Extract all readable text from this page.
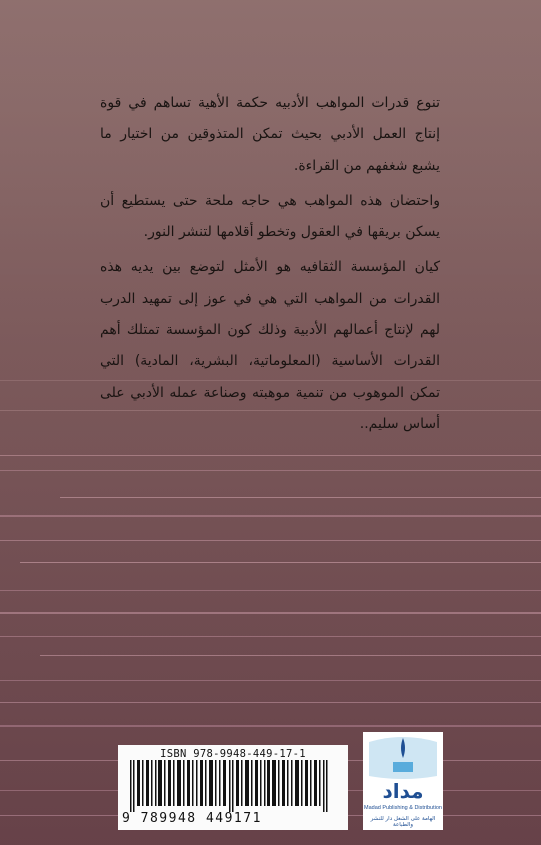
تنوع قدرات المواهب الأدبيه حكمة الأهية تساهم في قوة إنتاج العمل الأدبي بحيث تمكن المتذوقين من اختيار ما يشبع شغفهم من القراءة.

واحتضان هذه المواهب هي حاجه ملحة حتى يستطيع أن يسكن بريقها في العقول وتخطو أقلامها لتنشر النور.

كيان المؤسسة الثقافيه هو الأمثل لتوضع بين يديه هذه القدرات من المواهب التي هي في عوز إلى تمهيد الدرب لهم لإنتاج أعمالهم الأدبية وذلك كون المؤسسة تمتلك أهم القدرات الأساسية (المعلوماتية، البشرية، المادية) التي تمكن الموهوب من تنمية موهبته وصناعة عمله الأدبي على أساس سليم..

ISBN 978-9948-449-17-1
9 789948 449171
مداد
Madad Publishing & Distribution
الهامة على الشغل دار للنشر والطباعة
